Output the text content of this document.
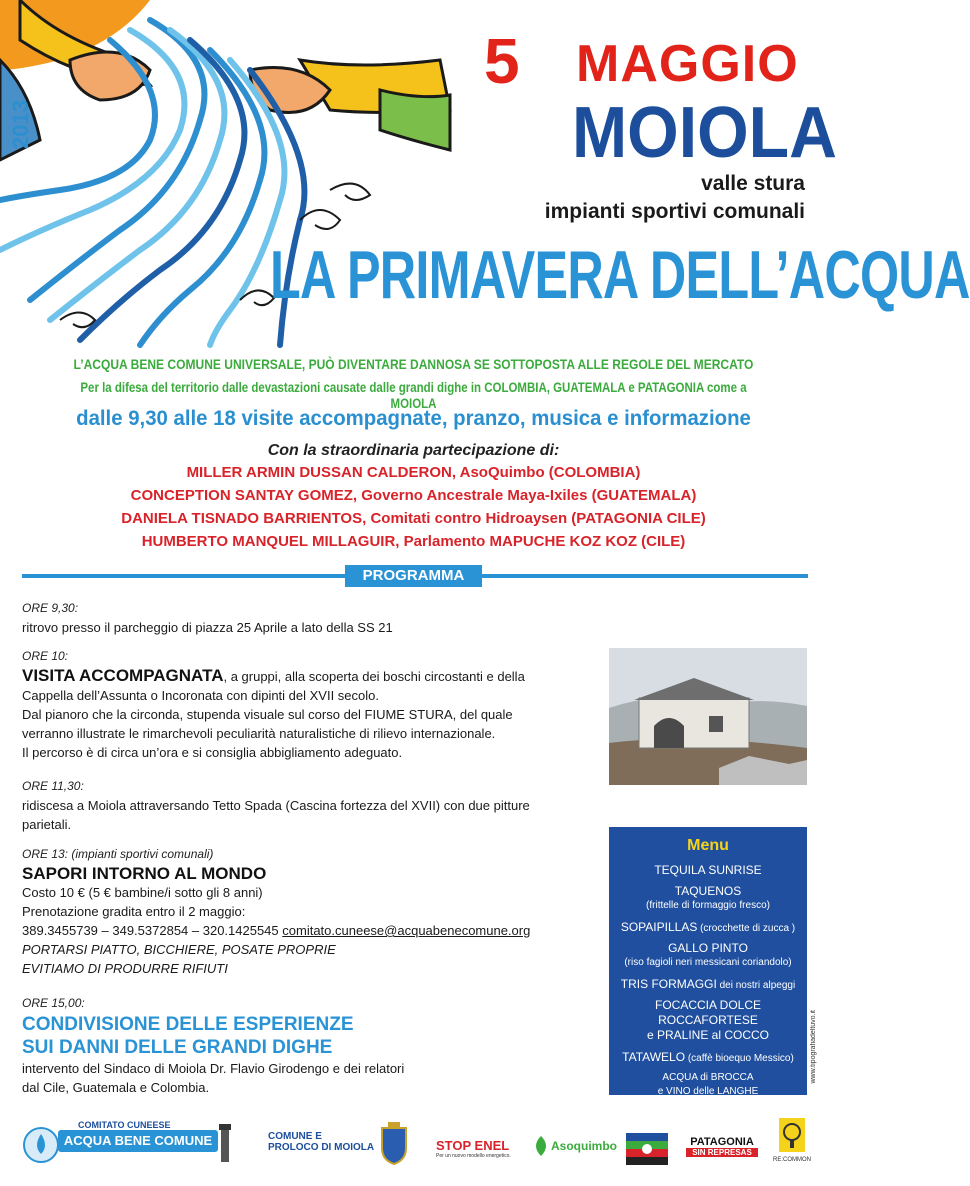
2013
5 MAGGIO
MOIOLA
valle stura
impianti sportivi comunali
LA PRIMAVERA DELL’ACQUA
L’ACQUA BENE COMUNE UNIVERSALE, PUÒ DIVENTARE DANNOSA SE SOTTOPOSTA ALLE REGOLE DEL MERCATO
Per la difesa del territorio dalle devastazioni causate dalle grandi dighe in COLOMBIA, GUATEMALA e PATAGONIA come a MOIOLA
dalle 9,30 alle 18 visite accompagnate, pranzo, musica e informazione
Con la straordinaria partecipazione di:
MILLER ARMIN DUSSAN CALDERON, AsoQuimbo (COLOMBIA)
CONCEPTION SANTAY GOMEZ, Governo Ancestrale Maya-Ixiles (GUATEMALA)
DANIELA TISNADO BARRIENTOS, Comitati contro Hidroaysen (PATAGONIA CILE)
HUMBERTO MANQUEL MILLAGUIR, Parlamento MAPUCHE KOZ KOZ (CILE)
PROGRAMMA
ORE 9,30:
ritrovo presso il parcheggio di piazza 25 Aprile a lato della SS 21
ORE 10:
VISITA ACCOMPAGNATA, a gruppi, alla scoperta dei boschi circostanti e della
Cappella dell’Assunta o Incoronata con dipinti del XVII secolo.
Dal pianoro che la circonda, stupenda visuale sul corso del FIUME STURA, del quale
verranno illustrate le rimarchevoli peculiarità naturalistiche di rilievo internazionale.
Il percorso è di circa un’ora e si consiglia abbigliamento adeguato.
ORE 11,30:
ridiscesa a Moiola attraversando Tetto Spada (Cascina fortezza del XVII) con due pitture
parietali.
ORE 13: (impianti sportivi comunali)
SAPORI INTORNO AL MONDO
Costo 10 € (5 € bambine/i sotto gli 8 anni)
Prenotazione gradita entro il 2 maggio:
389.3455739 – 349.5372854 – 320.1425545 comitato.cuneese@acquabenecomune.org
PORTARSI PIATTO, BICCHIERE, POSATE PROPRIE
EVITIAMO DI PRODURRE RIFIUTI
ORE 15,00:
CONDIVISIONE DELLE ESPERIENZE
SUI DANNI DELLE GRANDI DIGHE
intervento del Sindaco di Moiola Dr. Flavio Girodengo e dei relatori
dal Cile, Guatemala e Colombia.
Menu
TEQUILA SUNRISE
TAQUENOS
(frittelle di formaggio fresco)
SOPAIPILLAS (crocchette di zucca )
GALLO PINTO
(riso fagioli neri messicani coriandolo)
TRIS FORMAGGI dei nostri alpeggi
FOCACCIA DOLCE ROCCAFORTESE
e PRALINE al COCCO
TATAWELO (caffè bioequo Messico)
ACQUA di BROCCA
e VINO delle LANGHE
www.tipografiadeltuvo.it
COMITATO CUNEESE
ACQUA BENE COMUNE	COMUNE E
PROLOCO DI MOIOLA	STOP ENEL
Per un nuovo modello energetico.
Asoquimbo	PATAGONIA
SIN REPRESAS
RE:COMMON
